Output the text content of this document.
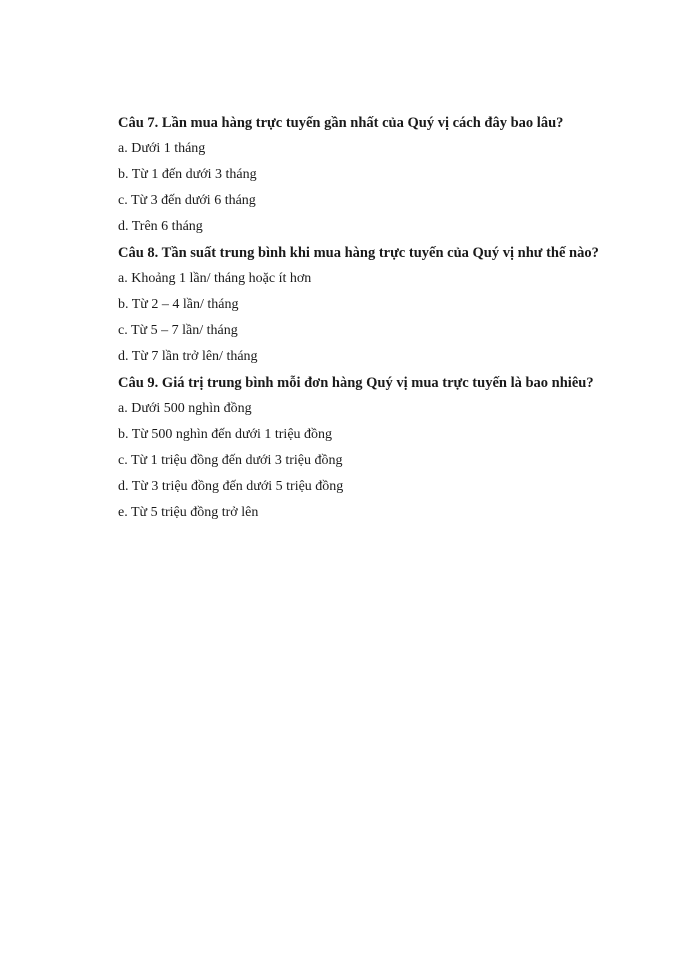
Câu 7. Lần mua hàng trực tuyến gần nhất của Quý vị cách đây bao lâu?

a. Dưới 1 tháng

b. Từ 1 đến dưới 3 tháng

c. Từ 3 đến dưới 6 tháng

d. Trên 6 tháng

Câu 8. Tần suất trung bình khi mua hàng trực tuyến của Quý vị như thế nào?

a. Khoảng 1 lần/ tháng hoặc ít hơn

b. Từ 2 – 4 lần/ tháng

c. Từ 5 – 7 lần/ tháng

d. Từ 7 lần trở lên/ tháng

Câu 9. Giá trị trung bình mỗi đơn hàng Quý vị mua trực tuyến là bao nhiêu?

a. Dưới 500 nghìn đồng

b. Từ 500 nghìn đến dưới 1 triệu đồng

c. Từ 1 triệu đồng đến dưới 3 triệu đồng

d. Từ 3 triệu đồng đến dưới 5 triệu đồng

e. Từ 5 triệu đồng trở lên
